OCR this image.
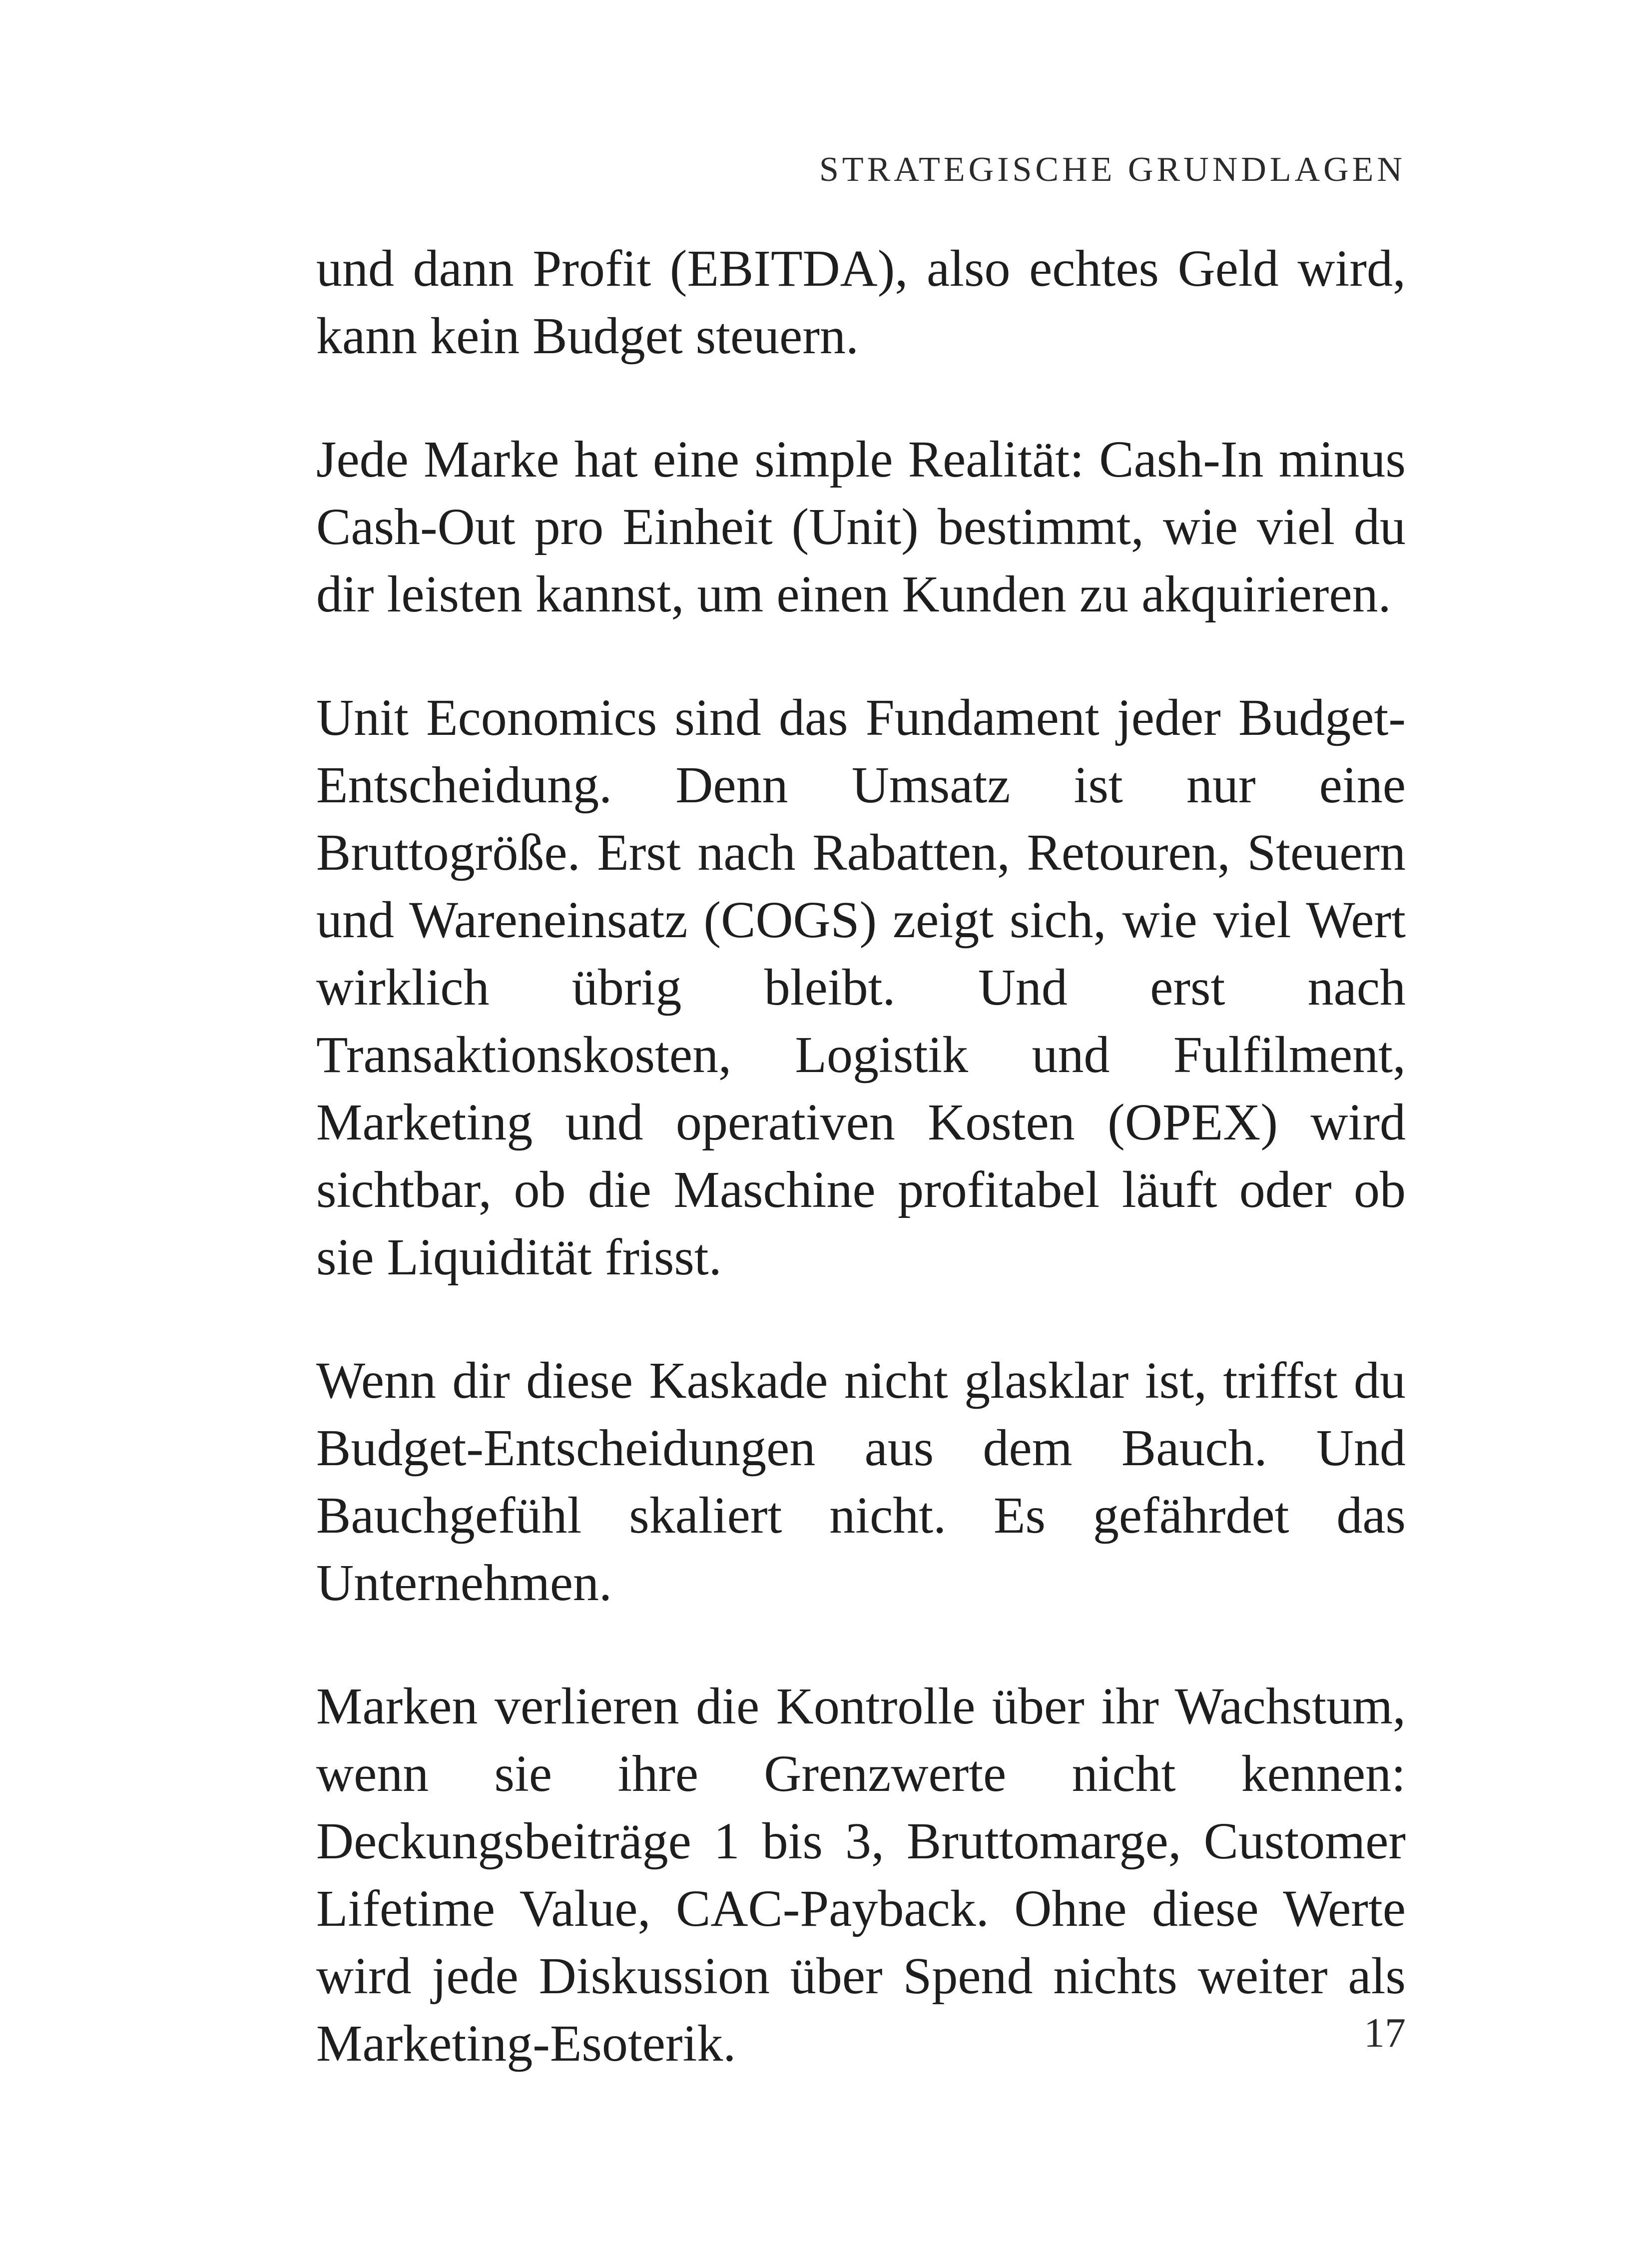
STRATEGISCHE GRUNDLAGEN

und dann Profit (EBITDA), also echtes Geld wird, kann kein Budget steuern.

Jede Marke hat eine simple Realität: Cash-In minus Cash-Out pro Einheit (Unit) bestimmt, wie viel du dir leisten kannst, um einen Kunden zu akquirieren.

Unit Economics sind das Fundament jeder Budget-Entscheidung. Denn Umsatz ist nur eine Bruttogröße. Erst nach Rabatten, Retouren, Steuern und Wareneinsatz (COGS) zeigt sich, wie viel Wert wirklich übrig bleibt. Und erst nach Transaktionskosten, Logistik und Fulfilment, Marketing und operativen Kosten (OPEX) wird sichtbar, ob die Maschine profitabel läuft oder ob sie Liquidität frisst.

Wenn dir diese Kaskade nicht glasklar ist, triffst du Budget-Entscheidungen aus dem Bauch. Und Bauchgefühl skaliert nicht. Es gefährdet das Unternehmen.

Marken verlieren die Kontrolle über ihr Wachstum, wenn sie ihre Grenzwerte nicht kennen: Deckungsbeiträge 1 bis 3, Bruttomarge, Customer Lifetime Value, CAC-Payback. Ohne diese Werte wird jede Diskussion über Spend nichts weiter als Marketing-Esoterik.	17
